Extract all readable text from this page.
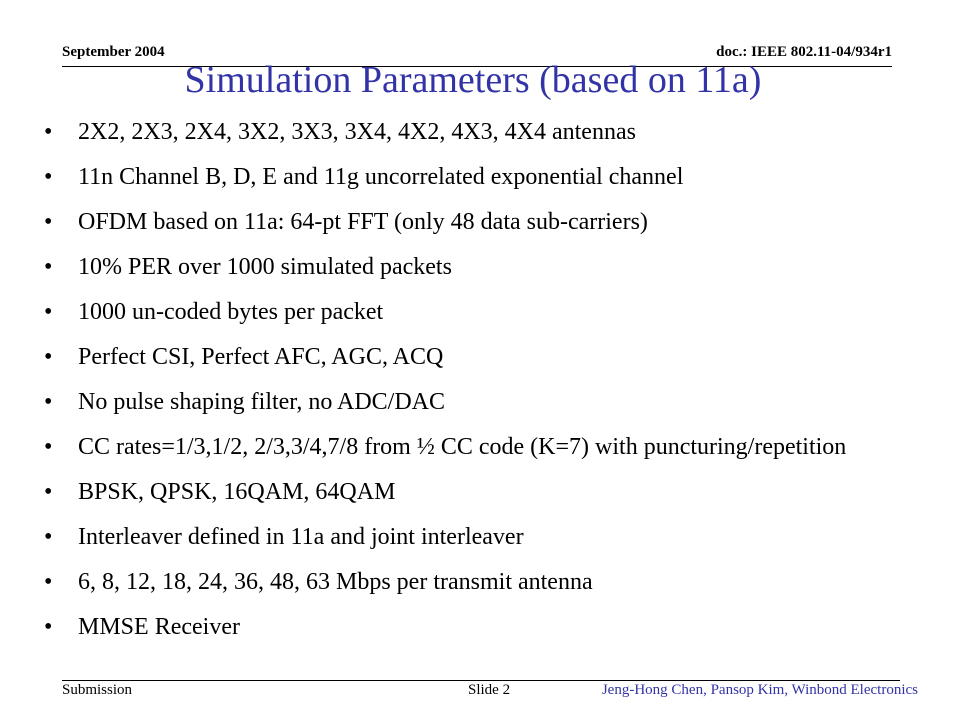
September 2004	doc.: IEEE 802.11-04/934r1
Simulation Parameters (based on 11a)
• 2X2, 2X3, 2X4, 3X2, 3X3, 3X4, 4X2, 4X3, 4X4 antennas
• 11n Channel B, D, E and 11g uncorrelated exponential channel
• OFDM based on 11a: 64-pt FFT (only 48 data sub-carriers)
• 10% PER over 1000 simulated packets
• 1000 un-coded bytes per packet
• Perfect CSI, Perfect AFC, AGC, ACQ
• No pulse shaping filter, no ADC/DAC
• CC rates=1/3,1/2, 2/3,3/4,7/8 from ½ CC code (K=7) with puncturing/repetition
• BPSK, QPSK, 16QAM, 64QAM
• Interleaver defined in 11a and joint interleaver
• 6, 8, 12, 18, 24, 36, 48, 63 Mbps per transmit antenna
• MMSE Receiver
Submission	Slide 2	Jeng-Hong Chen, Pansop Kim, Winbond Electronics
